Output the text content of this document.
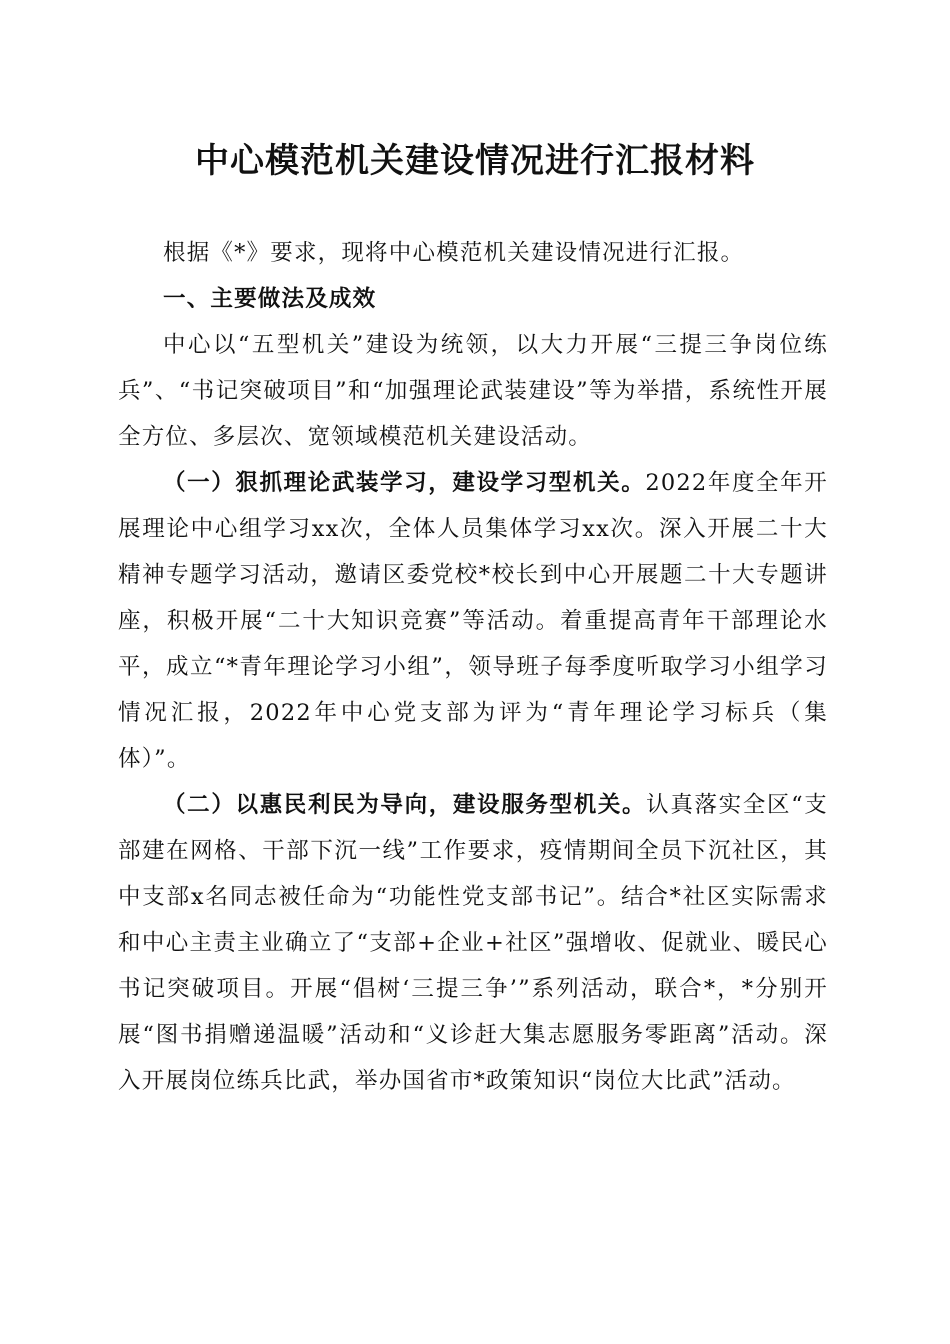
中心模范机关建设情况进行汇报材料

根据《*》要求，现将中心模范机关建设情况进行汇报。

一、主要做法及成效

中心以“五型机关”建设为统领，以大力开展“三提三争岗位练兵”、“书记突破项目”和“加强理论武装建设”等为举措，系统性开展全方位、多层次、宽领域模范机关建设活动。

（一）狠抓理论武装学习，建设学习型机关。2022年度全年开展理论中心组学习xx次，全体人员集体学习xx次。深入开展二十大精神专题学习活动，邀请区委党校*校长到中心开展题二十大专题讲座，积极开展“二十大知识竞赛”等活动。着重提高青年干部理论水平，成立“*青年理论学习小组”，领导班子每季度听取学习小组学习情况汇报，2022年中心党支部为评为“青年理论学习标兵（集体）”。

（二）以惠民利民为导向，建设服务型机关。认真落实全区“支部建在网格、干部下沉一线”工作要求，疫情期间全员下沉社区，其中支部x名同志被任命为“功能性党支部书记”。结合*社区实际需求和中心主责主业确立了“支部+企业+社区”强增收、促就业、暖民心书记突破项目。开展“倡树‘三提三争’”系列活动，联合*，*分别开展“图书捐赠递温暖”活动和“义诊赶大集志愿服务零距离”活动。深入开展岗位练兵比武，举办国省市*政策知识“岗位大比武”活动。
